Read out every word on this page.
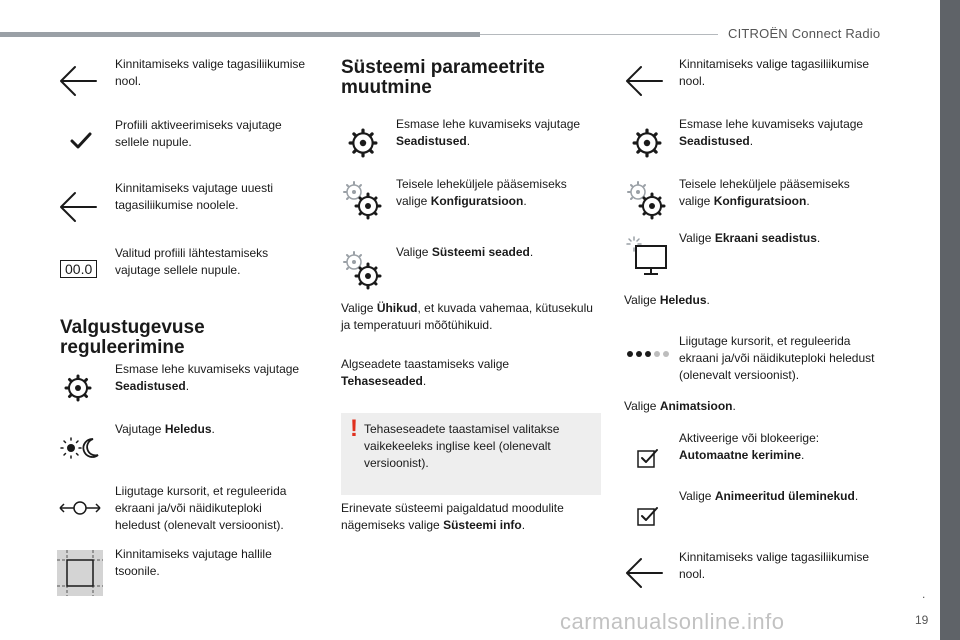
CITROËN Connect Radio
.
19
Kinnitamiseks valige tagasiliikumise nool.
Profiili aktiveerimiseks vajutage sellele nupule.
Kinnitamiseks vajutage uuesti tagasiliikumise noolele.
00.0
Valitud profiili lähtestamiseks vajutage sellele nupule.
Valgustugevuse reguleerimine
Esmase lehe kuvamiseks vajutage Seadistused.
Vajutage Heledus.
Liigutage kursorit, et reguleerida ekraani ja/või näidikuteploki heledust (olenevalt versioonist).
Kinnitamiseks vajutage hallile tsoonile.
Süsteemi parameetrite muutmine
Esmase lehe kuvamiseks vajutage Seadistused.
Teisele leheküljele pääsemiseks valige Konfiguratsioon.
Valige Süsteemi seaded.
Valige Ühikud, et kuvada vahemaa, kütusekulu ja temperatuuri mõõtühikuid.
Algseadete taastamiseks valige Tehaseseaded.
! Tehaseseadete taastamisel valitakse vaikekeeleks inglise keel (olenevalt versioonist).
Erinevate süsteemi paigaldatud moodulite nägemiseks valige Süsteemi info.
Kinnitamiseks valige tagasiliikumise nool.
Esmase lehe kuvamiseks vajutage Seadistused.
Teisele leheküljele pääsemiseks valige Konfiguratsioon.
Valige Ekraani seadistus.
Valige Heledus.
Liigutage kursorit, et reguleerida ekraani ja/või näidikuteploki heledust (olenevalt versioonist).
Valige Animatsioon.
Aktiveerige või blokeerige: Automaatne kerimine.
Valige Animeeritud üleminekud.
Kinnitamiseks valige tagasiliikumise nool.
carmanualsonline.info
